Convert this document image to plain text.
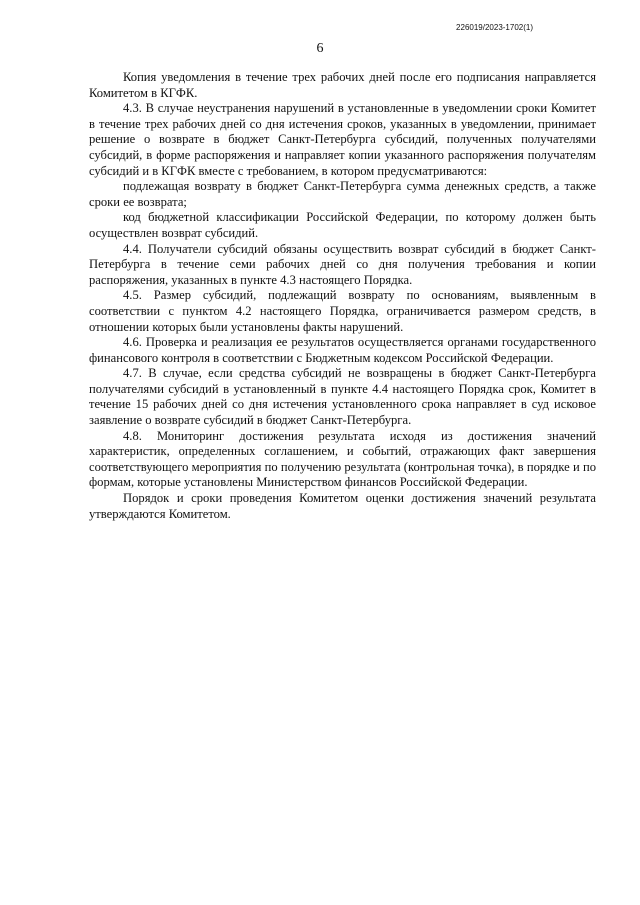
226019/2023-1702(1)
6

Копия уведомления в течение трех рабочих дней после его подписания направляется Комитетом в КГФК.

4.3. В случае неустранения нарушений в установленные в уведомлении сроки Комитет в течение трех рабочих дней со дня истечения сроков, указанных в уведомлении, принимает решение о возврате в бюджет Санкт-Петербурга субсидий, полученных получателями субсидий, в форме распоряжения и направляет копии указанного распоряжения получателям субсидий и в КГФК вместе с требованием, в котором предусматриваются:

подлежащая возврату в бюджет Санкт-Петербурга сумма денежных средств, а также сроки ее возврата;

код бюджетной классификации Российской Федерации, по которому должен быть осуществлен возврат субсидий.

4.4. Получатели субсидий обязаны осуществить возврат субсидий в бюджет Санкт-Петербурга в течение семи рабочих дней со дня получения требования и копии распоряжения, указанных в пункте 4.3 настоящего Порядка.

4.5. Размер субсидий, подлежащий возврату по основаниям, выявленным в соответствии с пунктом 4.2 настоящего Порядка, ограничивается размером средств, в отношении которых были установлены факты нарушений.

4.6. Проверка и реализация ее результатов осуществляется органами государственного финансового контроля в соответствии с Бюджетным кодексом Российской Федерации.

4.7. В случае, если средства субсидий не возвращены в бюджет Санкт-Петербурга получателями субсидий в установленный в пункте 4.4 настоящего Порядка срок, Комитет в течение 15 рабочих дней со дня истечения установленного срока направляет в суд исковое заявление о возврате субсидий в бюджет Санкт-Петербурга.

4.8. Мониторинг достижения результата исходя из достижения значений характеристик, определенных соглашением, и событий, отражающих факт завершения соответствующего мероприятия по получению результата (контрольная точка), в порядке и по формам, которые установлены Министерством финансов Российской Федерации.

Порядок и сроки проведения Комитетом оценки достижения значений результата утверждаются Комитетом.
